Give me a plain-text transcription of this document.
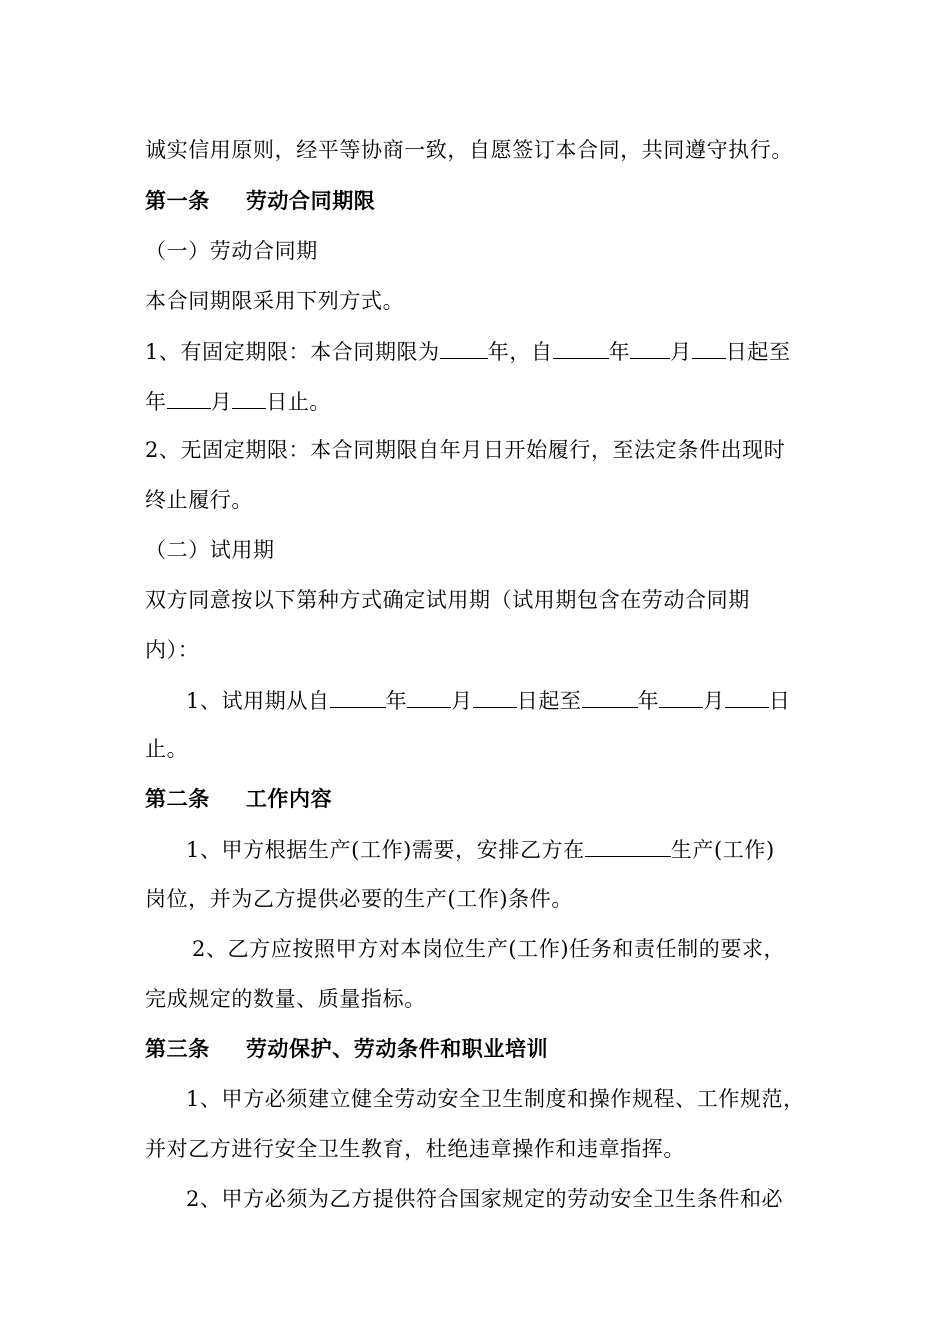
诚实信用原则，经平等协商一致，自愿签订本合同，共同遵守执行。
第一条 劳动合同期限
（一）劳动合同期
本合同期限采用下列方式。
1、有固定期限：本合同期限为 年，自	年 月 日起至
年 月 日止。
2、无固定期限：本合同期限自年月日开始履行，至法定条件出现时
终止履行。
（二）试用期
双方同意按以下第种方式确定试用期（试用期包含在劳动合同期
内）：
1、试用期从自	年 月 日起至	年 月 日
止。
第二条 工作内容
1、甲方根据生产(工作)需要，安排乙方在	生产(工作)
岗位，并为乙方提供必要的生产(工作)条件。
2、乙方应按照甲方对本岗位生产(工作)任务和责任制的要求，
完成规定的数量、质量指标。
第三条 劳动保护、劳动条件和职业培训
1、甲方必须建立健全劳动安全卫生制度和操作规程、工作规范，
并对乙方进行安全卫生教育，杜绝违章操作和违章指挥。
2、甲方必须为乙方提供符合国家规定的劳动安全卫生条件和必
